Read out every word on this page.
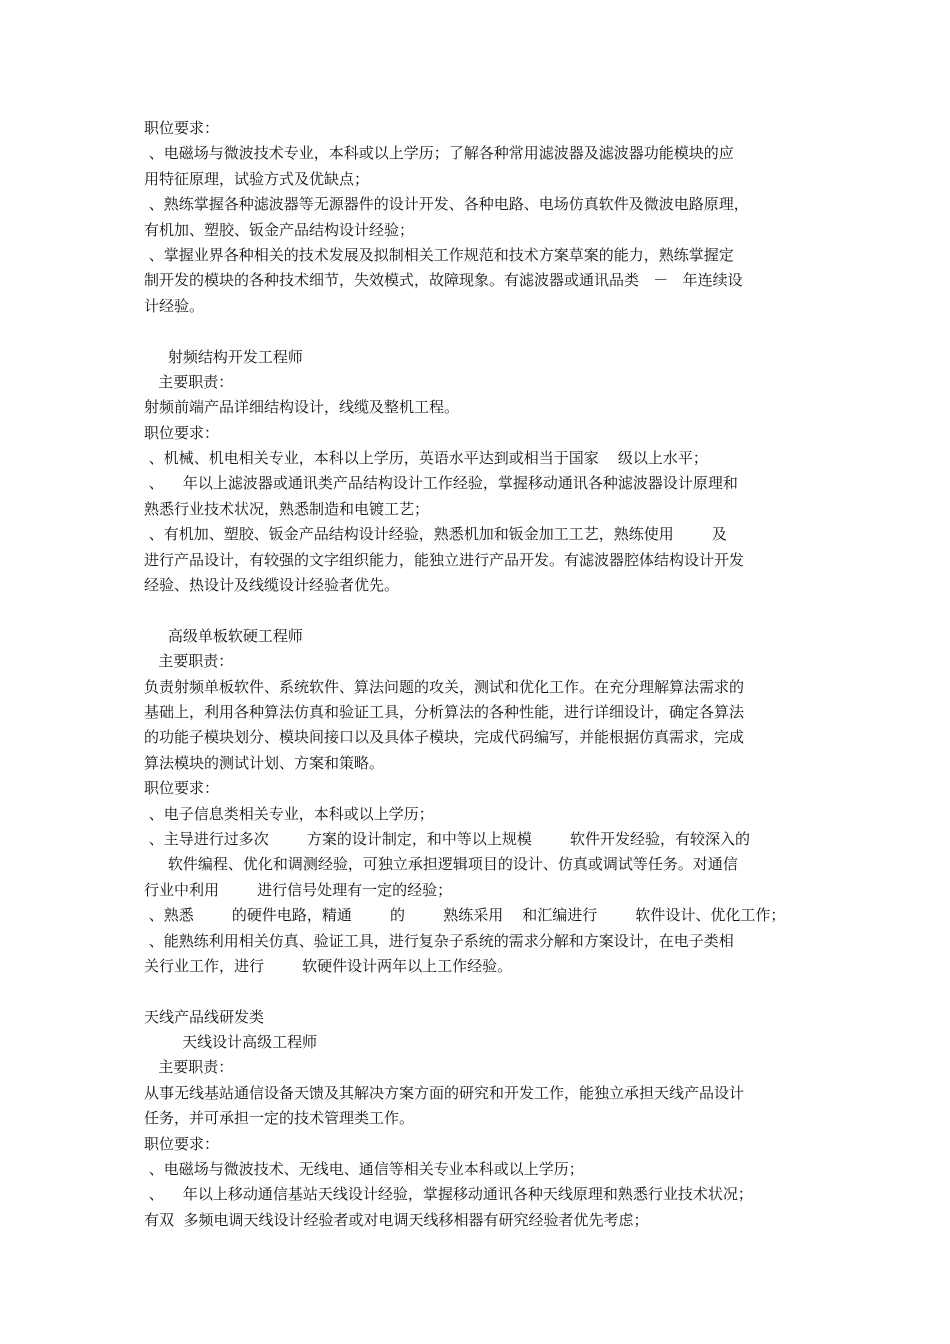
职位要求：
、电磁场与微波技术专业，本科或以上学历；了解各种常用滤波器及滤波器功能模块的应
用特征原理，试验方式及优缺点；
、熟练掌握各种滤波器等无源器件的设计开发、各种电路、电场仿真软件及微波电路原理，
有机加、塑胶、钣金产品结构设计经验；
、掌握业界各种相关的技术发展及拟制相关工作规范和技术方案草案的能力，熟练掌握定
制开发的模块的各种技术细节，失效模式，故障现象。有滤波器或通讯品类   －   年连续设
计经验。
射频结构开发工程师
主要职责：
射频前端产品详细结构设计，线缆及整机工程。
职位要求：
、机械、机电相关专业，本科以上学历，英语水平达到或相当于国家    级以上水平；
、    年以上滤波器或通讯类产品结构设计工作经验，掌握移动通讯各种滤波器设计原理和
熟悉行业技术状况，熟悉制造和电镀工艺；
、有机加、塑胶、钣金产品结构设计经验，熟悉机加和钣金加工工艺，熟练使用        及
进行产品设计，有较强的文字组织能力，能独立进行产品开发。有滤波器腔体结构设计开发
经验、热设计及线缆设计经验者优先。
高级单板软硬工程师
主要职责：
负责射频单板软件、系统软件、算法问题的攻关，测试和优化工作。在充分理解算法需求的
基础上，利用各种算法仿真和验证工具，分析算法的各种性能，进行详细设计，确定各算法
的功能子模块划分、模块间接口以及具体子模块，完成代码编写，并能根据仿真需求，完成
算法模块的测试计划、方案和策略。
职位要求：
、电子信息类相关专业，本科或以上学历；
、主导进行过多次        方案的设计制定，和中等以上规模        软件开发经验，有较深入的
软件编程、优化和调测经验，可独立承担逻辑项目的设计、仿真或调试等任务。对通信
行业中利用        进行信号处理有一定的经验；
、熟悉        的硬件电路，精通        的        熟练采用    和汇编进行        软件设计、优化工作；
、能熟练利用相关仿真、验证工具，进行复杂子系统的需求分解和方案设计，在电子类相
关行业工作，进行        软硬件设计两年以上工作经验。
天线产品线研发类
天线设计高级工程师
主要职责：
从事无线基站通信设备天馈及其解决方案方面的研究和开发工作，能独立承担天线产品设计
任务，并可承担一定的技术管理类工作。
职位要求：
、电磁场与微波技术、无线电、通信等相关专业本科或以上学历；
、    年以上移动通信基站天线设计经验，掌握移动通讯各种天线原理和熟悉行业技术状况；
有双  多频电调天线设计经验者或对电调天线移相器有研究经验者优先考虑；
